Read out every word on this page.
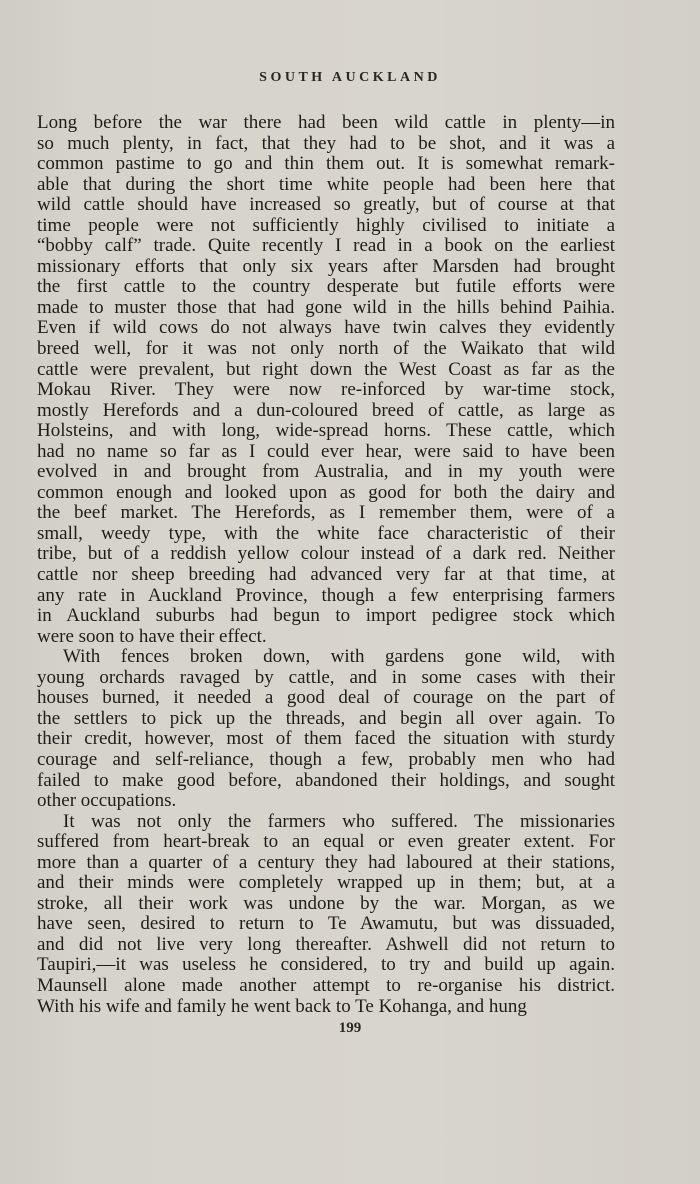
SOUTH AUCKLAND

Long before the war there had been wild cattle in plenty—in
so much plenty, in fact, that they had to be shot, and it was a
common pastime to go and thin them out. It is somewhat remark-
able that during the short time white people had been here that
wild cattle should have increased so greatly, but of course at that
time people were not sufficiently highly civilised to initiate a
“bobby calf” trade. Quite recently I read in a book on the earliest
missionary efforts that only six years after Marsden had brought
the first cattle to the country desperate but futile efforts were
made to muster those that had gone wild in the hills behind Paihia.
Even if wild cows do not always have twin calves they evidently
breed well, for it was not only north of the Waikato that wild
cattle were prevalent, but right down the West Coast as far as the
Mokau River. They were now re-inforced by war-time stock,
mostly Herefords and a dun-coloured breed of cattle, as large as
Holsteins, and with long, wide-spread horns. These cattle, which
had no name so far as I could ever hear, were said to have been
evolved in and brought from Australia, and in my youth were
common enough and looked upon as good for both the dairy and
the beef market. The Herefords, as I remember them, were of a
small, weedy type, with the white face characteristic of their
tribe, but of a reddish yellow colour instead of a dark red. Neither
cattle nor sheep breeding had advanced very far at that time, at
any rate in Auckland Province, though a few enterprising farmers
in Auckland suburbs had begun to import pedigree stock which
were soon to have their effect.

With fences broken down, with gardens gone wild, with
young orchards ravaged by cattle, and in some cases with their
houses burned, it needed a good deal of courage on the part of
the settlers to pick up the threads, and begin all over again. To
their credit, however, most of them faced the situation with sturdy
courage and self-reliance, though a few, probably men who had
failed to make good before, abandoned their holdings, and sought
other occupations.

It was not only the farmers who suffered. The missionaries
suffered from heart-break to an equal or even greater extent. For
more than a quarter of a century they had laboured at their stations,
and their minds were completely wrapped up in them; but, at a
stroke, all their work was undone by the war. Morgan, as we
have seen, desired to return to Te Awamutu, but was dissuaded,
and did not live very long thereafter. Ashwell did not return to
Taupiri,—it was useless he considered, to try and build up again.
Maunsell alone made another attempt to re-organise his district.
With his wife and family he went back to Te Kohanga, and hung

199
